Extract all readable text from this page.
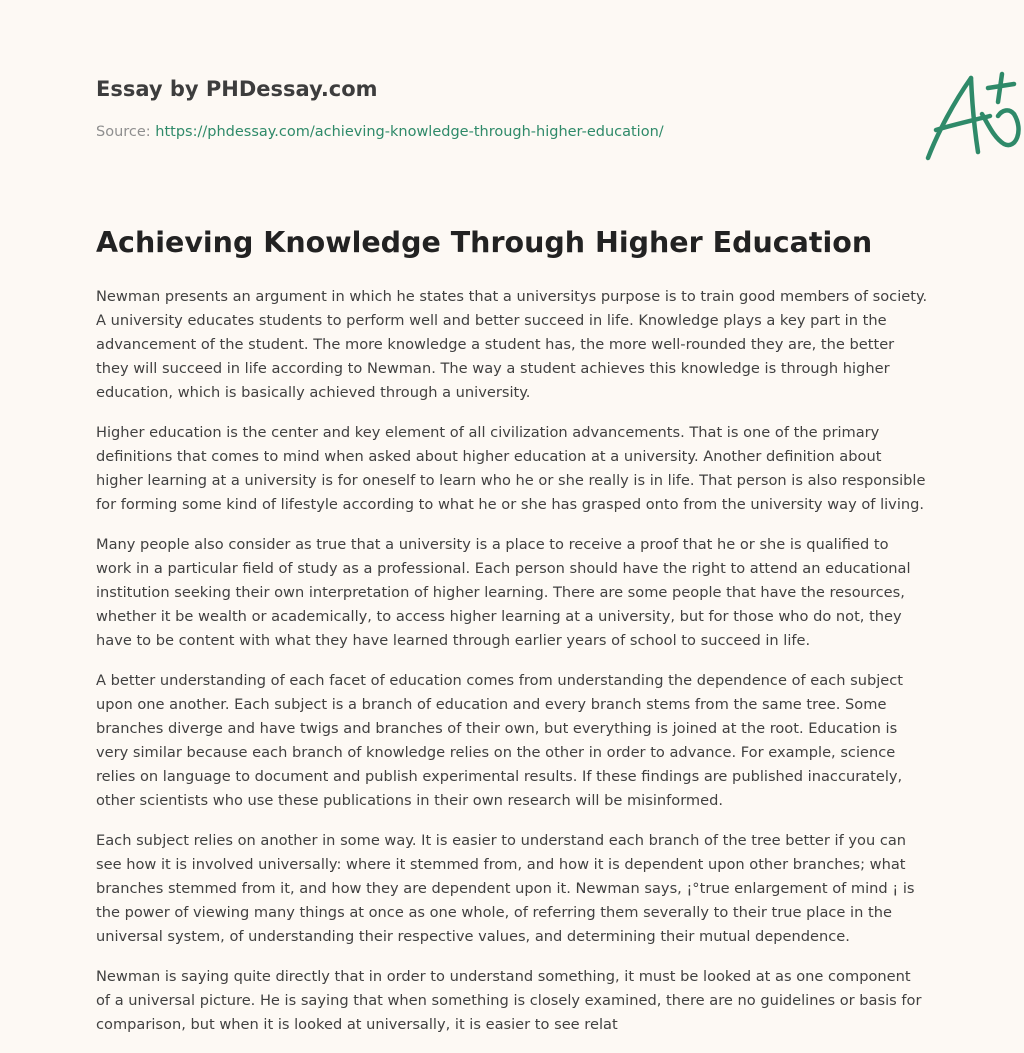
Essay by PHDessay.com
Source: https://phdessay.com/achieving-knowledge-through-higher-education/
Achieving Knowledge Through Higher Education

Newman presents an argument in which he states that a universitys purpose is to train good members of society. A university educates students to perform well and better succeed in life. Knowledge plays a key part in the advancement of the student. The more knowledge a student has, the more well-rounded they are, the better they will succeed in life according to Newman. The way a student achieves this knowledge is through higher education, which is basically achieved through a university.

Higher education is the center and key element of all civilization advancements. That is one of the primary definitions that comes to mind when asked about higher education at a university. Another definition about higher learning at a university is for oneself to learn who he or she really is in life. That person is also responsible for forming some kind of lifestyle according to what he or she has grasped onto from the university way of living.

Many people also consider as true that a university is a place to receive a proof that he or she is qualified to work in a particular field of study as a professional. Each person should have the right to attend an educational institution seeking their own interpretation of higher learning. There are some people that have the resources, whether it be wealth or academically, to access higher learning at a university, but for those who do not, they have to be content with what they have learned through earlier years of school to succeed in life.

A better understanding of each facet of education comes from understanding the dependence of each subject upon one another. Each subject is a branch of education and every branch stems from the same tree. Some branches diverge and have twigs and branches of their own, but everything is joined at the root. Education is very similar because each branch of knowledge relies on the other in order to advance. For example, science relies on language to document and publish experimental results. If these findings are published inaccurately, other scientists who use these publications in their own research will be misinformed.

Each subject relies on another in some way. It is easier to understand each branch of the tree better if you can see how it is involved universally: where it stemmed from, and how it is dependent upon other branches; what branches stemmed from it, and how they are dependent upon it. Newman says, ¡°true enlargement of mind ¡ is the power of viewing many things at once as one whole, of referring them severally to their true place in the universal system, of understanding their respective values, and determining their mutual dependence.

Newman is saying quite directly that in order to understand something, it must be looked at as one component of a universal picture. He is saying that when something is closely examined, there are no guidelines or basis for comparison, but when it is looked at universally, it is easier to see relat
